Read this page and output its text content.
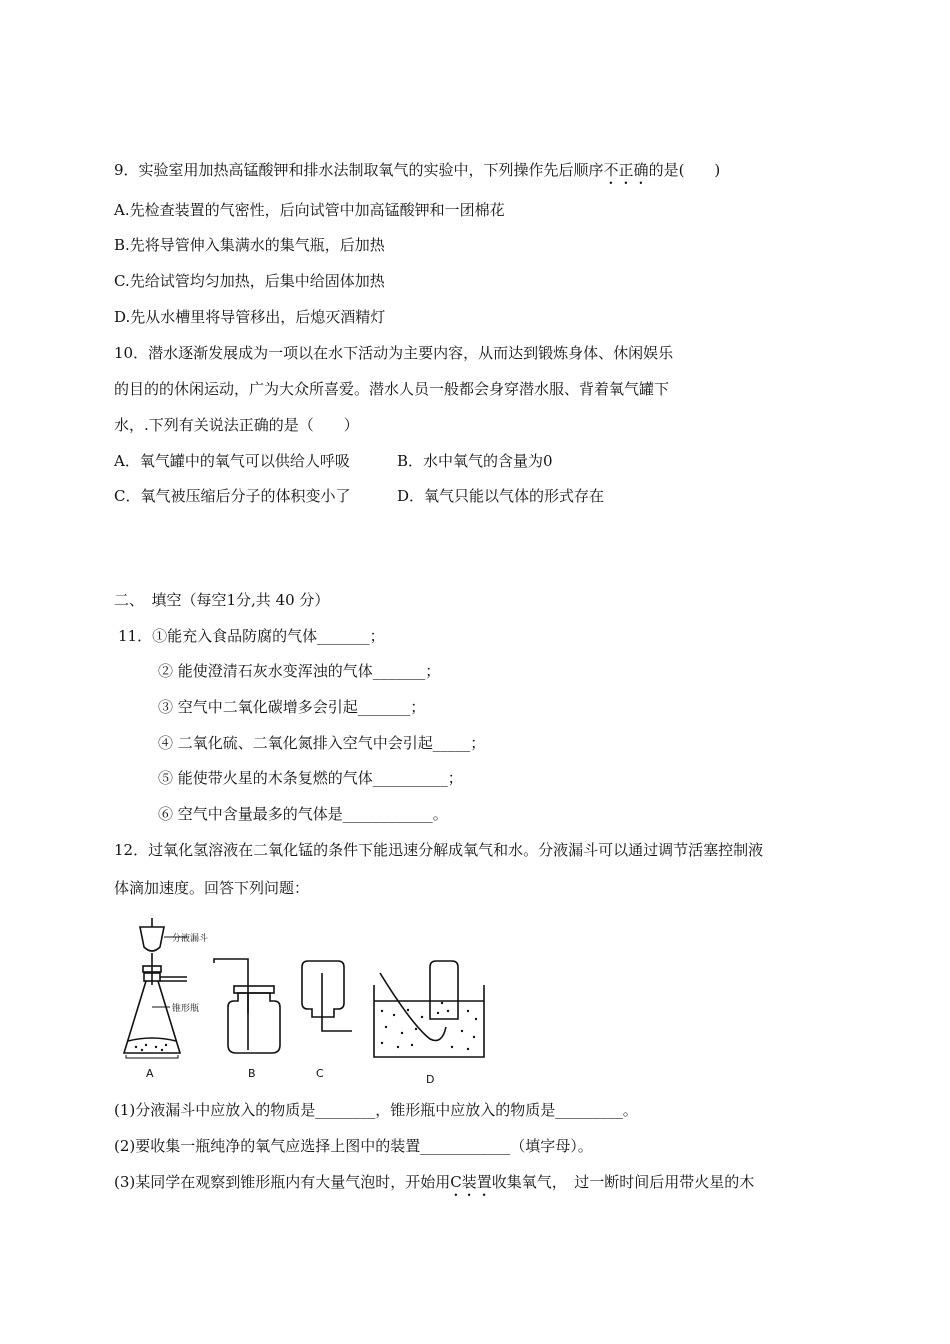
9．实验室用加热高锰酸钾和排水法制取氧气的实验中，下列操作先后顺序不正确的是(　　)
A.先检查装置的气密性，后向试管中加高锰酸钾和一团棉花
B.先将导管伸入集满水的集气瓶，后加热
C.先给试管均匀加热，后集中给固体加热
D.先从水槽里将导管移出，后熄灭酒精灯
10．潜水逐渐发展成为一项以在水下活动为主要内容，从而达到锻炼身体、休闲娱乐
的目的的休闲运动，广为大众所喜爱。潜水人员一般都会身穿潜水服、背着氧气罐下
水，.下列有关说法正确的是（　　）
A．氧气罐中的氧气可以供给人呼吸	B．水中氧气的含量为0
C．氧气被压缩后分子的体积变小了	D．氧气只能以气体的形式存在
二、　填空（每空1分,共 40 分）
11．①能充入食品防腐的气体_______；
② 能使澄清石灰水变浑浊的气体_______；
③ 空气中二氧化碳增多会引起_______；
④ 二氧化硫、二氧化氮排入空气中会引起_____；
⑤ 能使带火星的木条复燃的气体__________；
⑥ 空气中含量最多的气体是____________。
12．过氧化氢溶液在二氧化锰的条件下能迅速分解成氧气和水。分液漏斗可以通过调节活塞控制液
体滴加速度。回答下列问题：
分液漏斗
锥形瓶
A	B	C	D
(1)分液漏斗中应放入的物质是________，锥形瓶中应放入的物质是_________。
(2)要收集一瓶纯净的氧气应选择上图中的装置____________（填字母）。
(3)某同学在观察到锥形瓶内有大量气泡时，开始用C装置收集氧气，　过一断时间后用带火星的木
